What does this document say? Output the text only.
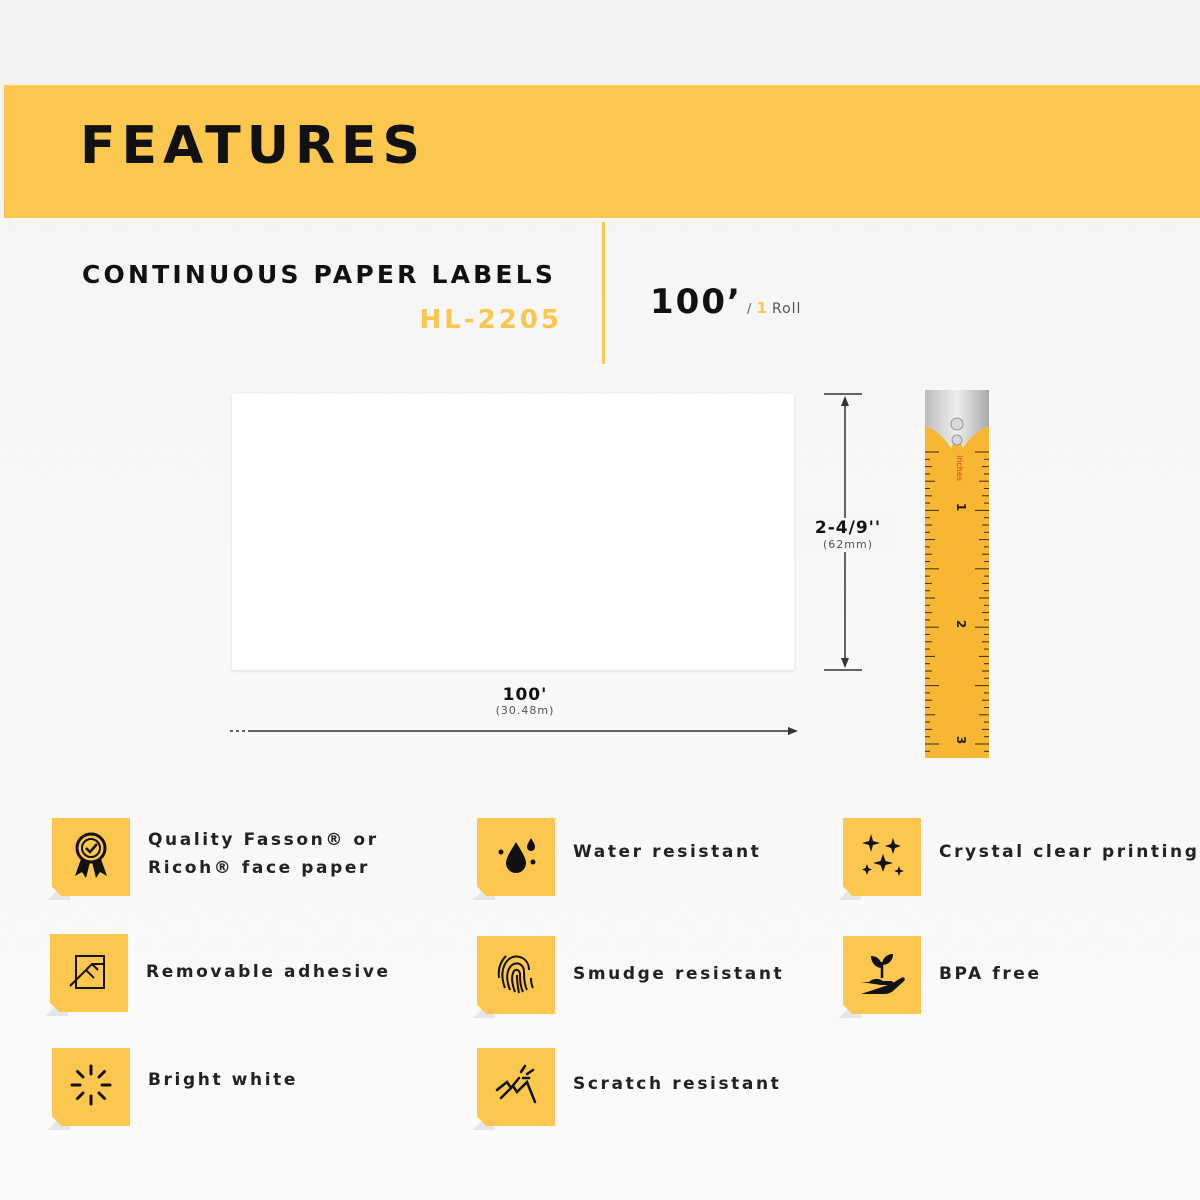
FEATURES
CONTINUOUS PAPER LABELS
HL-2205	100’ / 1 Roll
2-4/9''
(62mm)
100'
(30.48m)
inches
1
2
3
Quality Fasson® or
Ricoh® face paper
Water resistant	Crystal clear printing
Removable adhesive	Smudge resistant	BPA free
Bright white	Scratch resistant
